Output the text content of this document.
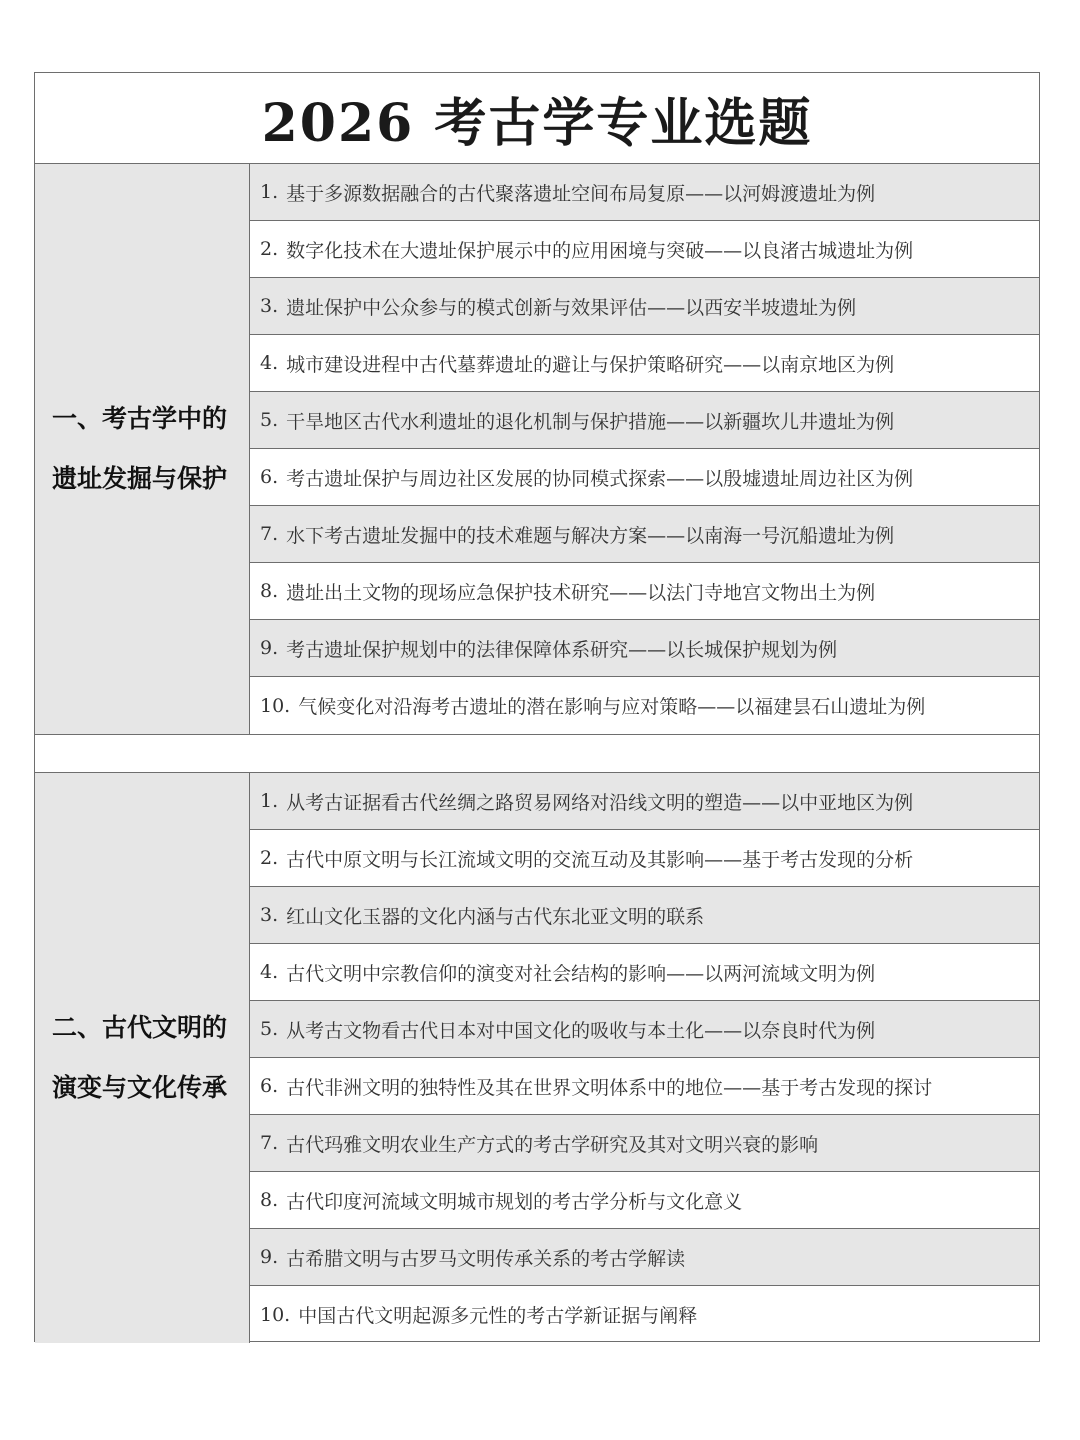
2026 考古学专业选题
一、考古学中的
遗址发掘与保护
1. 基于多源数据融合的古代聚落遗址空间布局复原——以河姆渡遗址为例
2. 数字化技术在大遗址保护展示中的应用困境与突破——以良渚古城遗址为例
3. 遗址保护中公众参与的模式创新与效果评估——以西安半坡遗址为例
4. 城市建设进程中古代墓葬遗址的避让与保护策略研究——以南京地区为例
5. 干旱地区古代水利遗址的退化机制与保护措施——以新疆坎儿井遗址为例
6. 考古遗址保护与周边社区发展的协同模式探索——以殷墟遗址周边社区为例
7. 水下考古遗址发掘中的技术难题与解决方案——以南海一号沉船遗址为例
8. 遗址出土文物的现场应急保护技术研究——以法门寺地宫文物出土为例
9. 考古遗址保护规划中的法律保障体系研究——以长城保护规划为例
10. 气候变化对沿海考古遗址的潜在影响与应对策略——以福建昙石山遗址为例
二、古代文明的
演变与文化传承
1. 从考古证据看古代丝绸之路贸易网络对沿线文明的塑造——以中亚地区为例
2. 古代中原文明与长江流域文明的交流互动及其影响——基于考古发现的分析
3. 红山文化玉器的文化内涵与古代东北亚文明的联系
4. 古代文明中宗教信仰的演变对社会结构的影响——以两河流域文明为例
5. 从考古文物看古代日本对中国文化的吸收与本土化——以奈良时代为例
6. 古代非洲文明的独特性及其在世界文明体系中的地位——基于考古发现的探讨
7. 古代玛雅文明农业生产方式的考古学研究及其对文明兴衰的影响
8. 古代印度河流域文明城市规划的考古学分析与文化意义
9. 古希腊文明与古罗马文明传承关系的考古学解读
10. 中国古代文明起源多元性的考古学新证据与阐释
